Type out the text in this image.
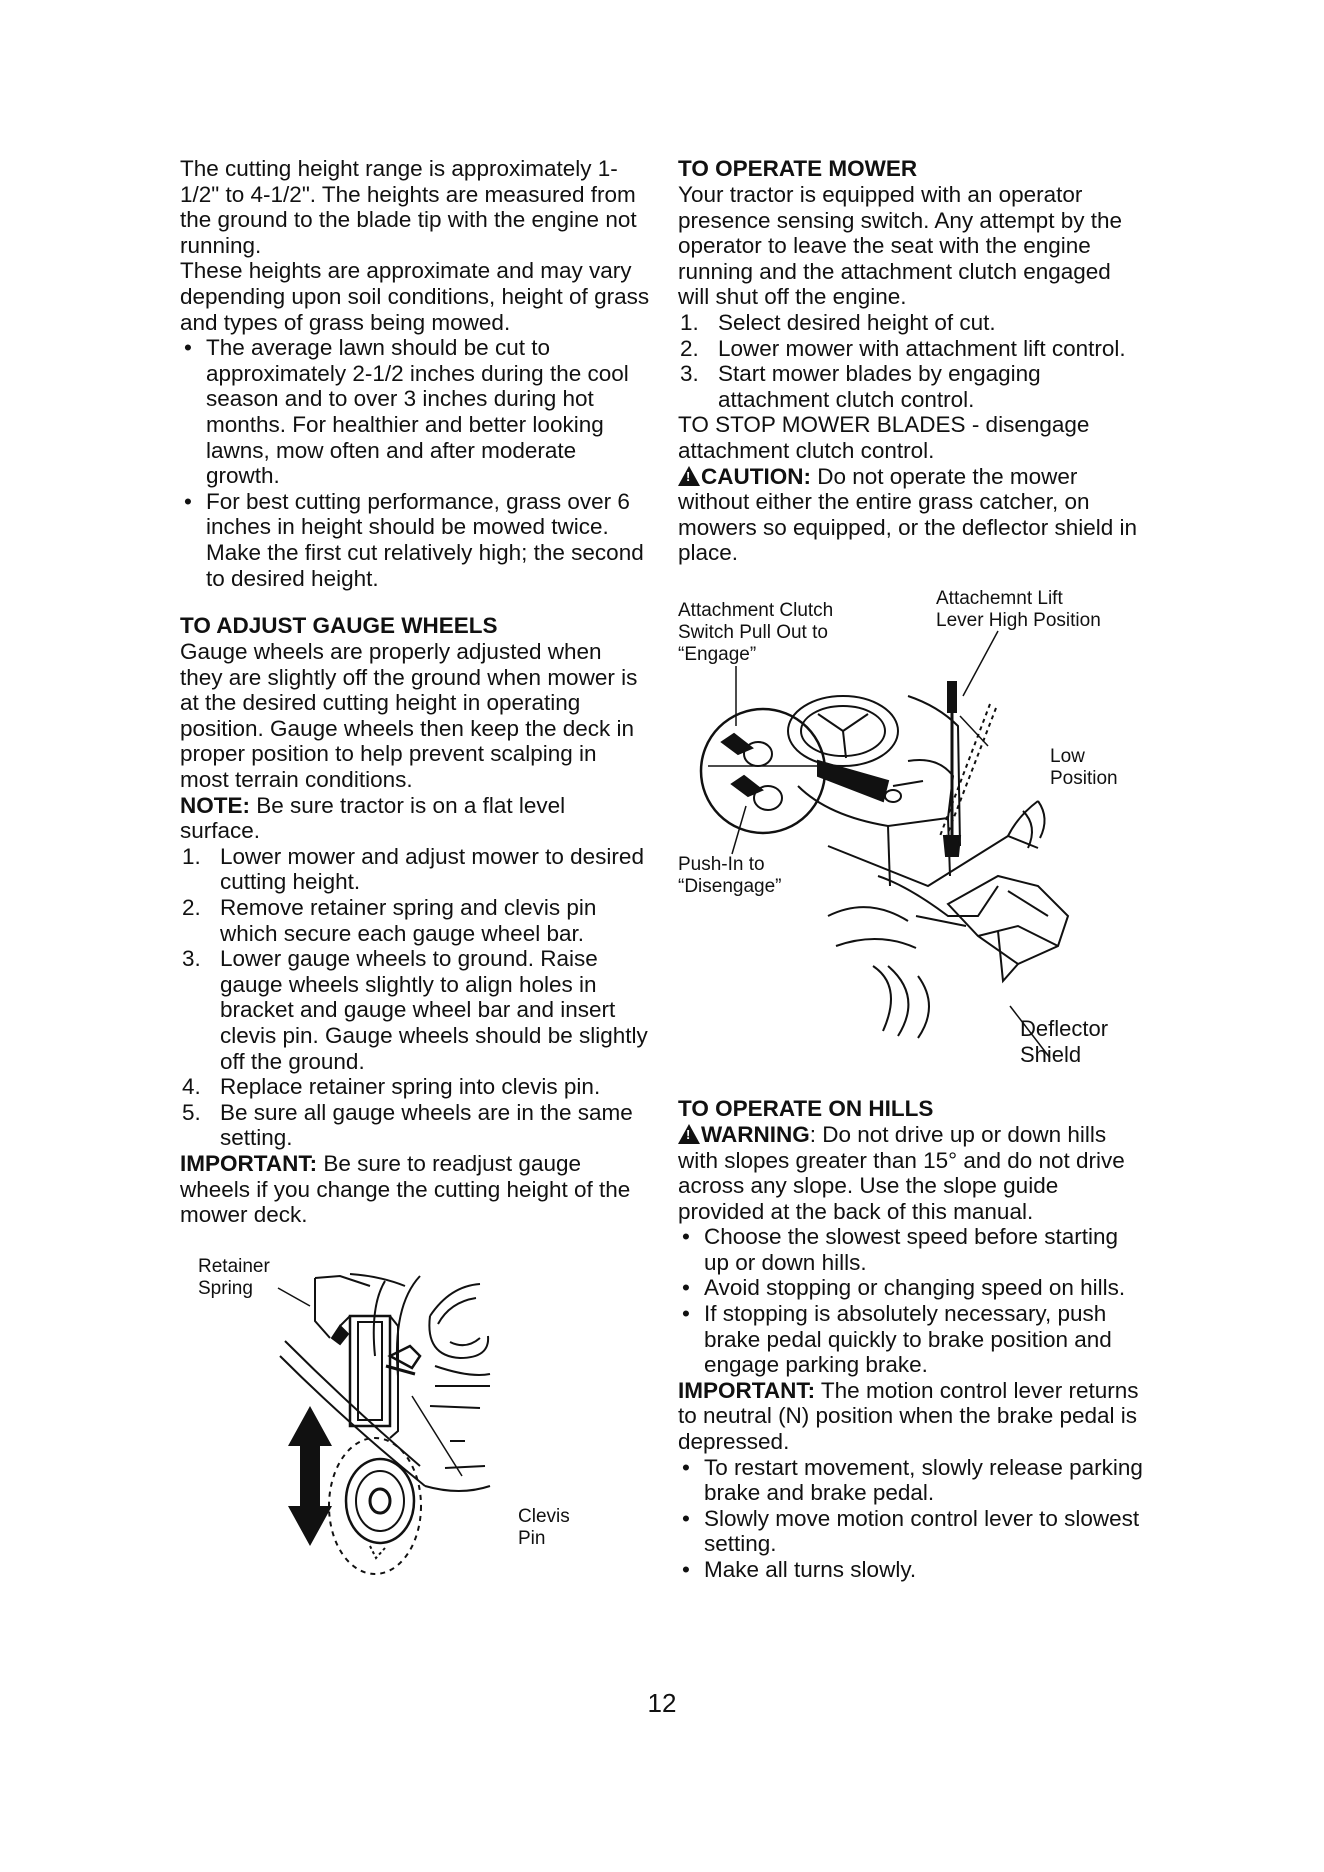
The cutting height range is approximately 1-1/2" to 4-1/2". The heights are measured from the ground to the blade tip with the engine not running.

These heights are approximate and may vary depending upon soil conditions, height of grass and types of grass being mowed.

• The average lawn should be cut to approximately 2-1/2 inches during the cool season and to over 3 inches during hot months. For healthier and better looking lawns, mow often and after moderate growth.
• For best cutting performance, grass over 6 inches in height should be mowed twice. Make the first cut relatively high; the second to desired height.
TO ADJUST GAUGE WHEELS

Gauge wheels are properly adjusted when they are slightly off the ground when mower is at the desired cutting height in operating position. Gauge wheels then keep the deck in proper position to help prevent scalping in most terrain conditions.

NOTE: Be sure tractor is on a flat level surface.

1. Lower mower and adjust mower to desired cutting height.
2. Remove retainer spring and clevis pin which secure each gauge wheel bar.
3. Lower gauge wheels to ground. Raise gauge wheels slightly to align holes in bracket and gauge wheel bar and insert clevis pin. Gauge wheels should be slightly off the ground.
4. Replace retainer spring into clevis pin.
5. Be sure all gauge wheels are in the same setting.

IMPORTANT: Be sure to readjust gauge wheels if you change the cutting height of the mower deck.

Retainer
Spring
Clevis
Pin
TO OPERATE MOWER

Your tractor is equipped with an operator presence sensing switch. Any attempt by the operator to leave the seat with the engine running and the attachment clutch engaged will shut off the engine.

1. Select desired height of cut.
2. Lower mower with attachment lift control.
3. Start mower blades by engaging attachment clutch control.

TO STOP MOWER BLADES - disengage attachment clutch control.

!CAUTION: Do not operate the mower without either the entire grass catcher, on mowers so equipped, or the deflector shield in place.

Attachment Clutch
Switch Pull Out to
“Engage”
Attachemnt Lift
Lever High Position
Low
Position
Push-In to
“Disengage”
Deflector
Shield
TO OPERATE ON HILLS

!WARNING: Do not drive up or down hills with slopes greater than 15° and do not drive across any slope. Use the slope guide provided at the back of this manual.

• Choose the slowest speed before starting up or down hills.
• Avoid stopping or changing speed on hills.
• If stopping is absolutely necessary, push brake pedal quickly to brake position and engage parking brake.

IMPORTANT: The motion control lever returns to neutral (N) position when the brake pedal is depressed.

• To restart movement, slowly release parking brake and brake pedal.
• Slowly move motion control lever to slowest setting.
• Make all turns slowly.
12
